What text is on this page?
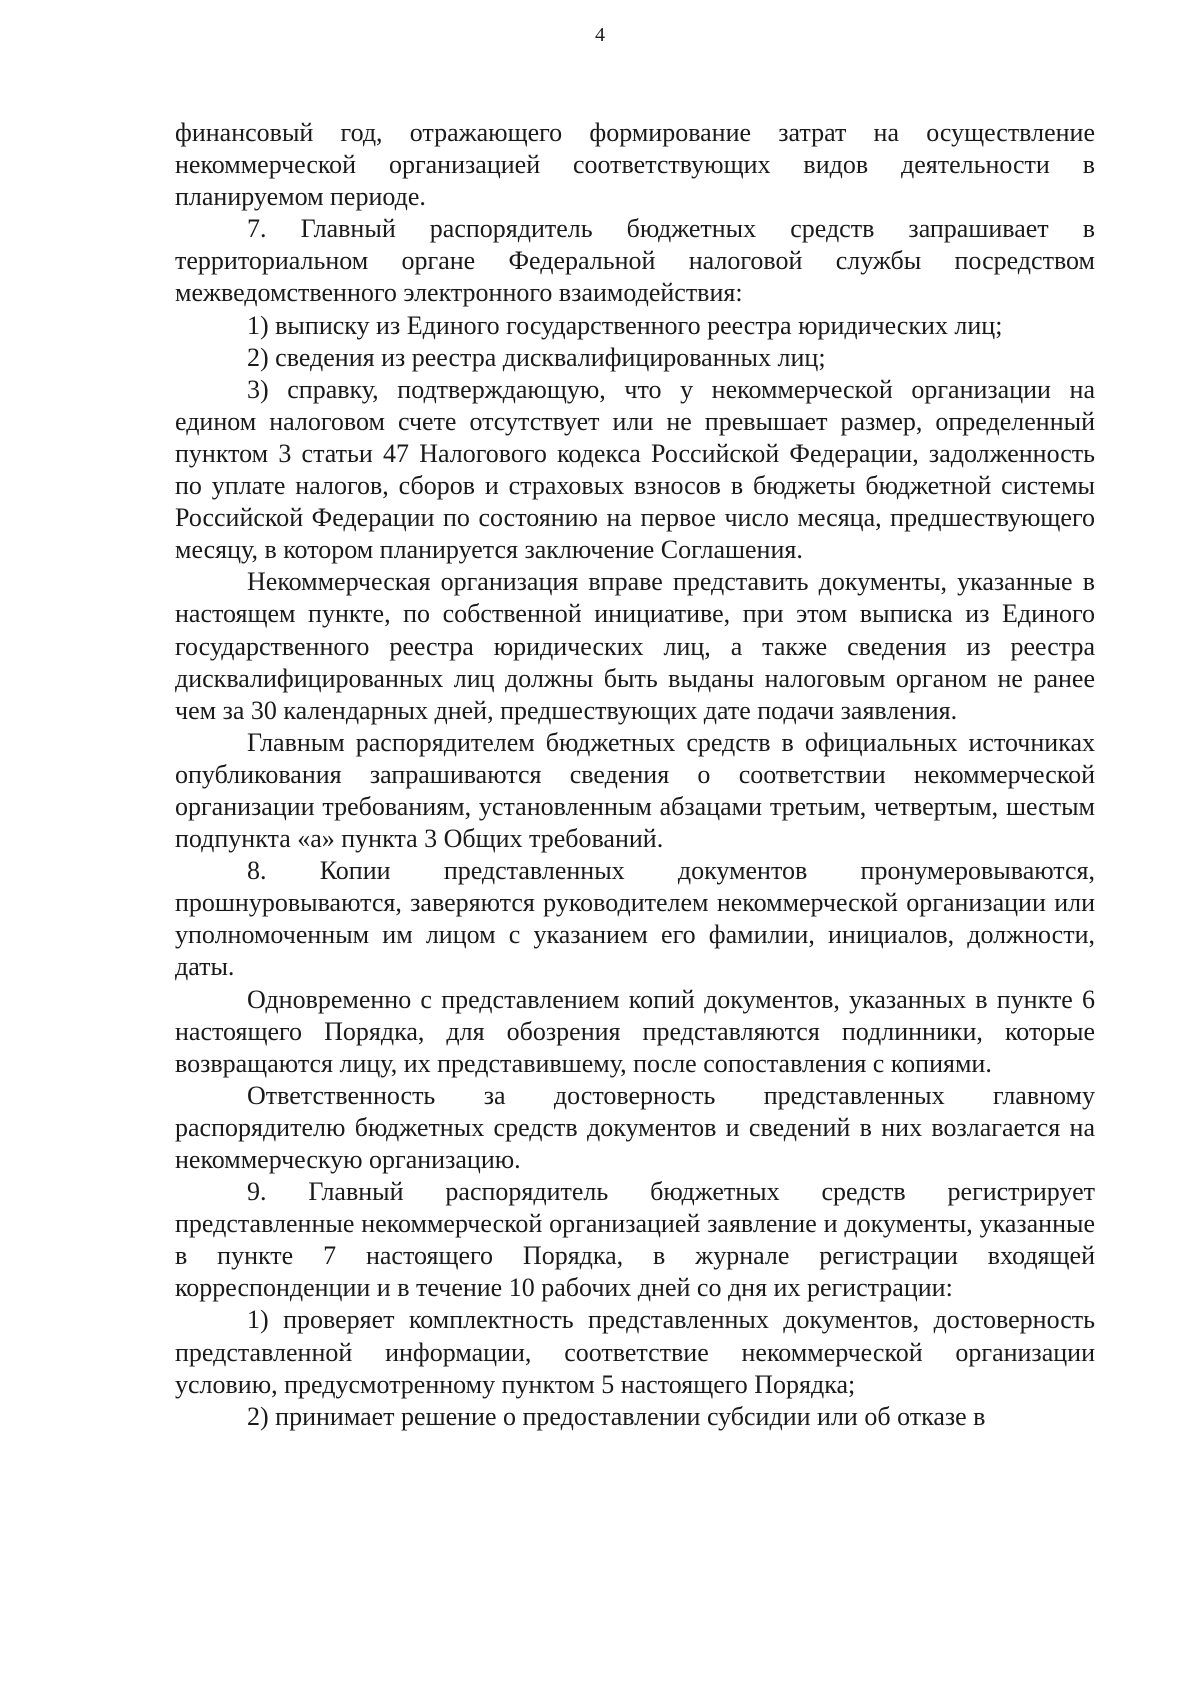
4

финансовый год, отражающего формирование затрат на осуществление некоммерческой организацией соответствующих видов деятельности в планируемом периоде.

7. Главный распорядитель бюджетных средств запрашивает в территориальном органе Федеральной налоговой службы посредством межведомственного электронного взаимодействия:

1) выписку из Единого государственного реестра юридических лиц;

2) сведения из реестра дисквалифицированных лиц;

3) справку, подтверждающую, что у некоммерческой организации на едином налоговом счете отсутствует или не превышает размер, определенный пунктом 3 статьи 47 Налогового кодекса Российской Федерации, задолженность по уплате налогов, сборов и страховых взносов в бюджеты бюджетной системы Российской Федерации по состоянию на первое число месяца, предшествующего месяцу, в котором планируется заключение Соглашения.

Некоммерческая организация вправе представить документы, указанные в настоящем пункте, по собственной инициативе, при этом выписка из Единого государственного реестра юридических лиц, а также сведения из реестра дисквалифицированных лиц должны быть выданы налоговым органом не ранее чем за 30 календарных дней, предшествующих дате подачи заявления.

Главным распорядителем бюджетных средств в официальных источниках опубликования запрашиваются сведения о соответствии некоммерческой организации требованиям, установленным абзацами третьим, четвертым, шестым подпункта «а» пункта 3 Общих требований.

8. Копии представленных документов пронумеровываются, прошнуровываются, заверяются руководителем некоммерческой организации или уполномоченным им лицом с указанием его фамилии, инициалов, должности, даты.

Одновременно с представлением копий документов, указанных в пункте 6 настоящего Порядка, для обозрения представляются подлинники, которые возвращаются лицу, их представившему, после сопоставления с копиями.

Ответственность за достоверность представленных главному распорядителю бюджетных средств документов и сведений в них возлагается на некоммерческую организацию.

9. Главный распорядитель бюджетных средств регистрирует представленные некоммерческой организацией заявление и документы, указанные в пункте 7 настоящего Порядка, в журнале регистрации входящей корреспонденции и в течение 10 рабочих дней со дня их регистрации:

1) проверяет комплектность представленных документов, достоверность представленной информации, соответствие некоммерческой организации условию, предусмотренному пунктом 5 настоящего Порядка;

2) принимает решение о предоставлении субсидии или об отказе в
